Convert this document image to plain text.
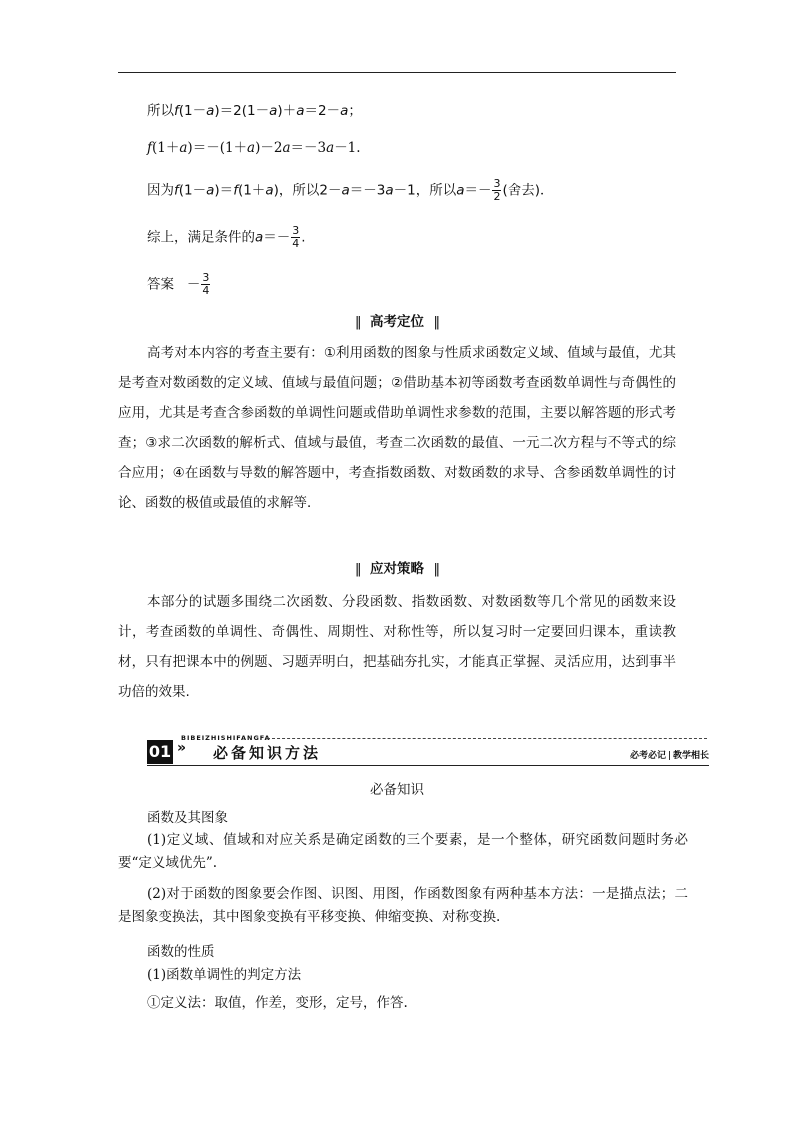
所以f(1－a)＝2(1－a)＋a＝2－a；
f(1＋a)＝－(1＋a)－2a＝－3a－1.
因为f(1－a)＝f(1＋a)，所以2－a＝－3a－1，所以$a=- \frac{3}{2}$ (舍去)．
综上，满足条件的$a=- \frac{3}{4}$ .
答案 － $\frac{3}{4}$
‖ 高考定位 ‖
高考对本内容的考查主要有：①利用函数的图象与性质求函数定义域、值域与最值，尤其是考查对数函数的定义域、值域与最值问题；②借助基本初等函数考查函数单调性与奇偶性的应用，尤其是考查含参函数的单调性问题或借助单调性求参数的范围，主要以解答题的形式考查；③求二次函数的解析式、值域与最值，考查二次函数的最值、一元二次方程与不等式的综合应用；④在函数与导数的解答题中，考查指数函数、对数函数的求导、含参函数单调性的讨论、函数的极值或最值的求解等．
‖ 应对策略 ‖
本部分的试题多围绕二次函数、分段函数、指数函数、对数函数等几个常见的函数来设计，考查函数的单调性、奇偶性、周期性、对称性等，所以复习时一定要回归课本，重读教材，只有把课本中的例题、习题弄明白，把基础夯扎实，才能真正掌握、灵活应用，达到事半功倍的效果.
BIBEIZHISHIFANGFA
01 » 必备知识方法	必考必记 教学相长
必备知识
函数及其图象
(1)定义域、值域和对应关系是确定函数的三个要素，是一个整体，研究函数问题时务必要“定义域优先”.
(2)对于函数的图象要会作图、识图、用图，作函数图象有两种基本方法：一是描点法；二是图象变换法，其中图象变换有平移变换、伸缩变换、对称变换.
函数的性质
(1)函数单调性的判定方法
①定义法：取值，作差，变形，定号，作答.
